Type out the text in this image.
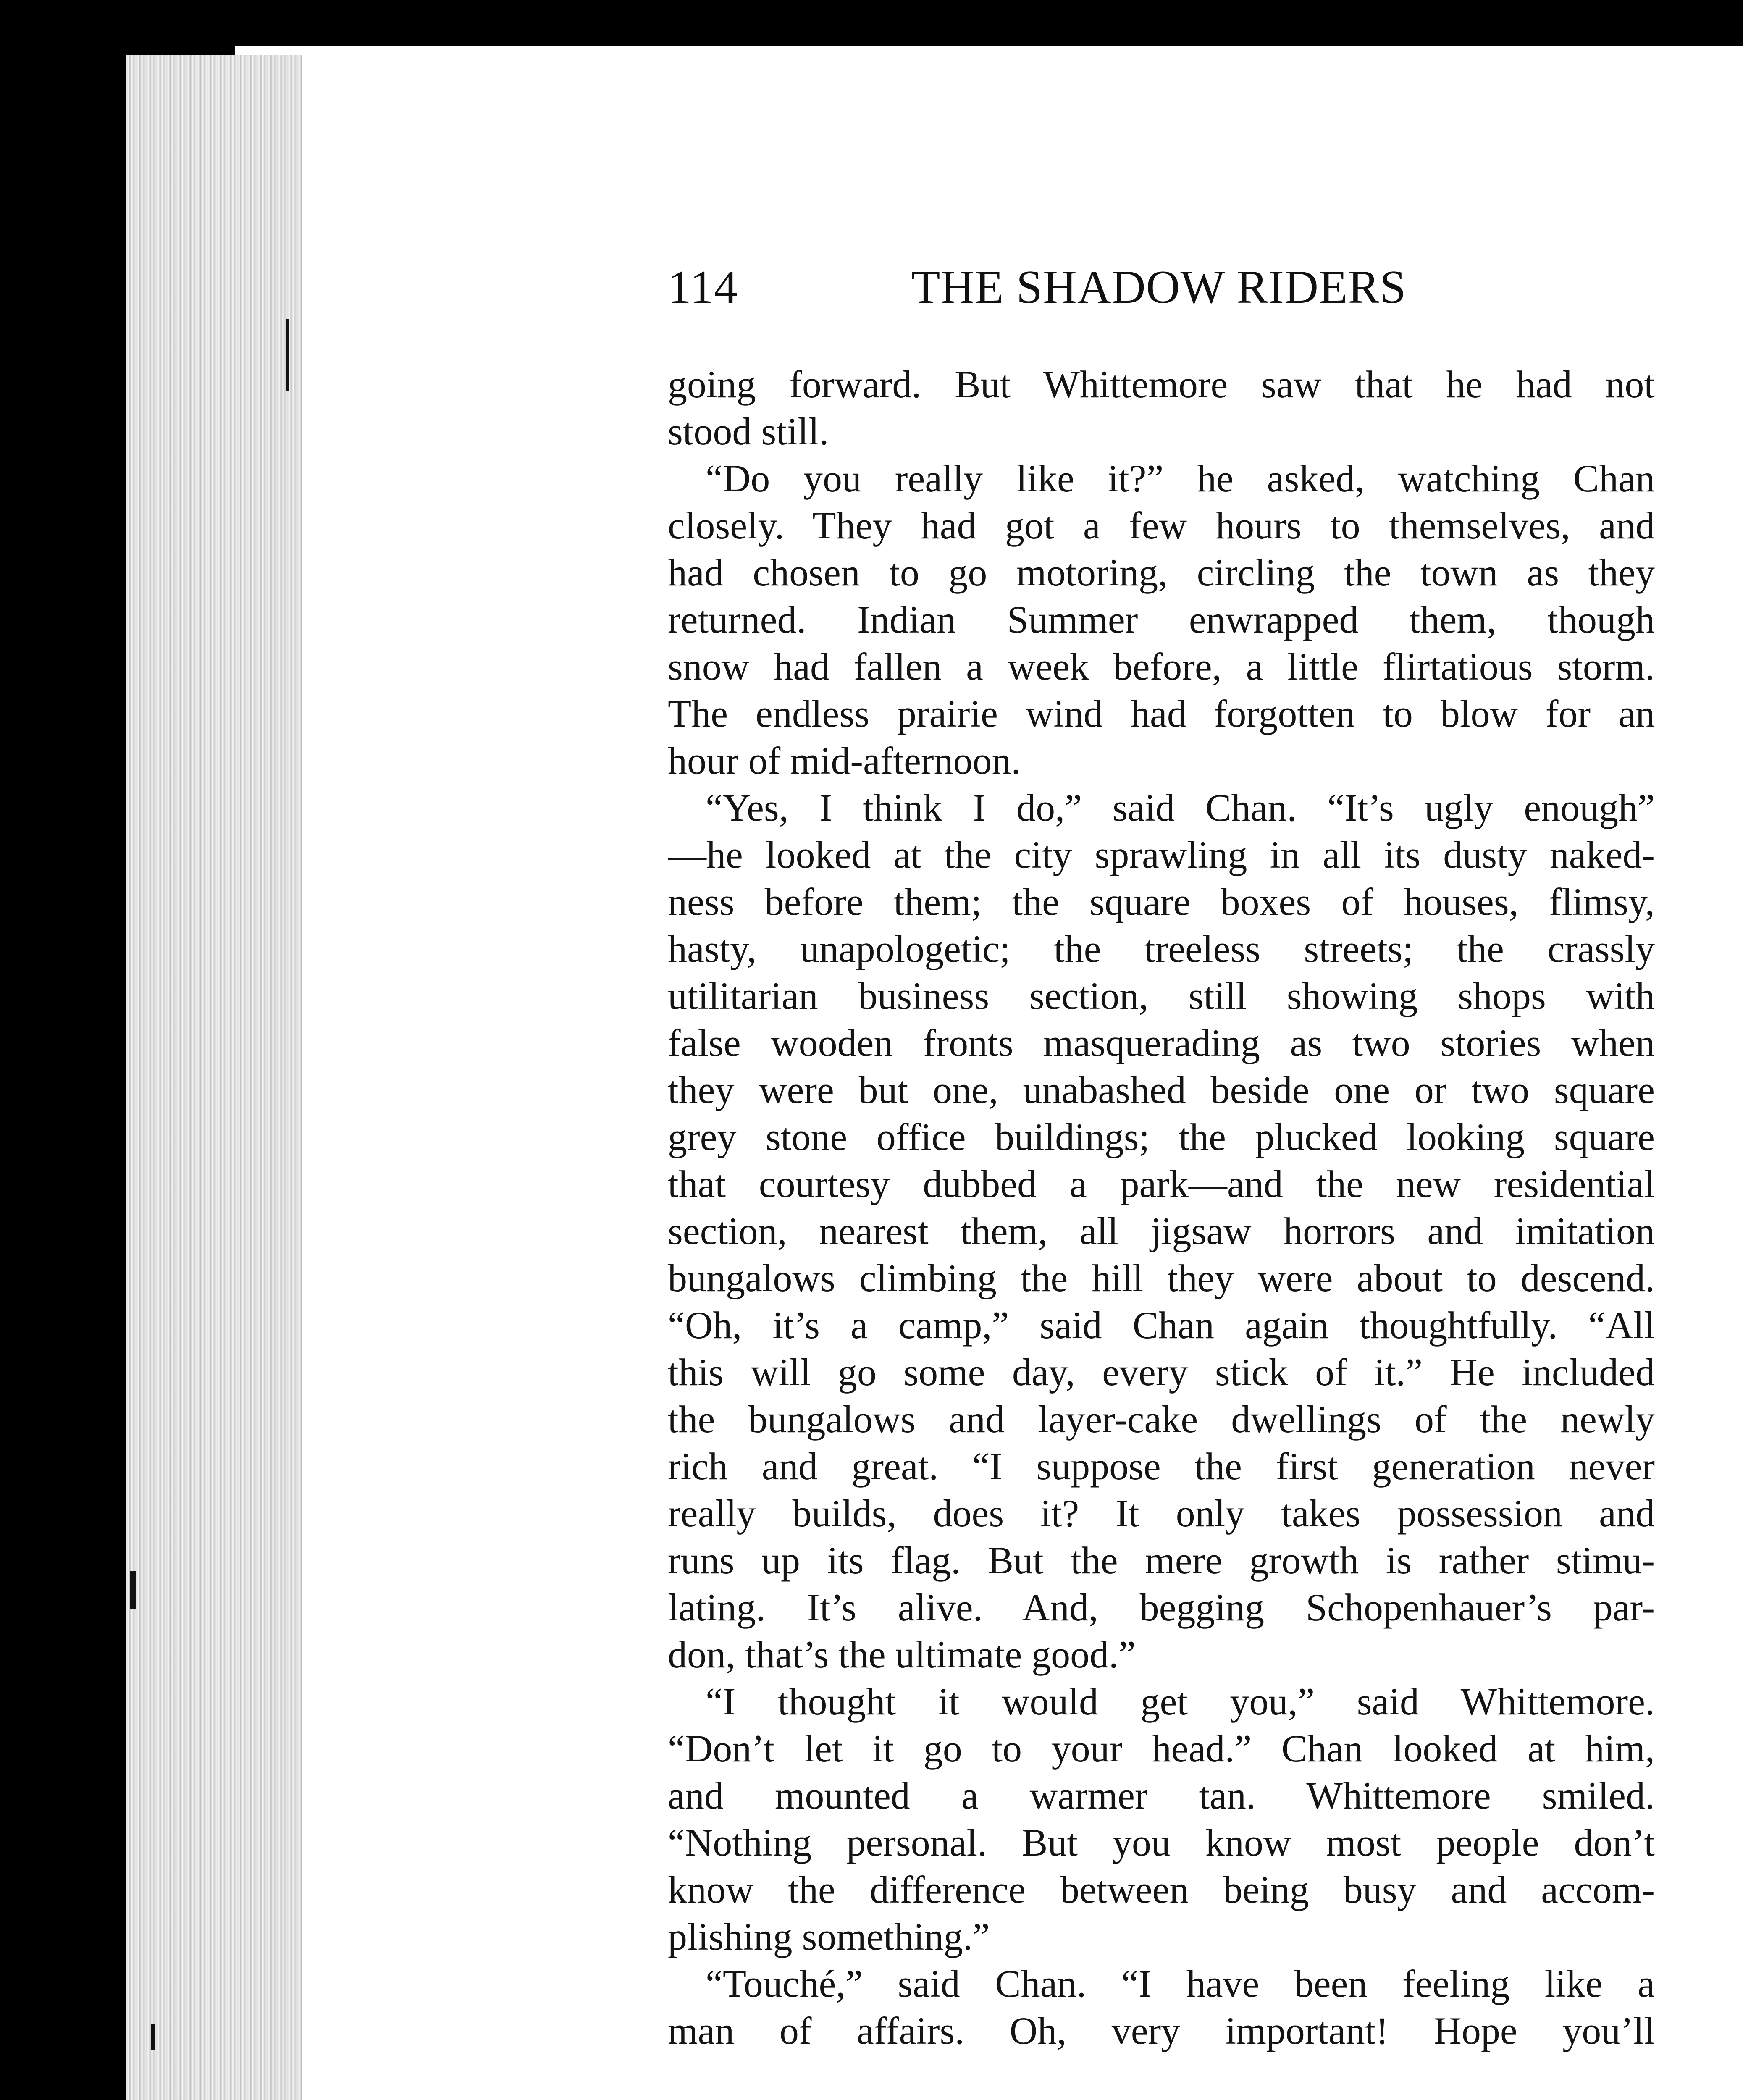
114	THE SHADOW RIDERS
going forward. But Whittemore saw that he had not
stood still.
“Do you really like it?” he asked, watching Chan
closely. They had got a few hours to themselves, and
had chosen to go motoring, circling the town as they
returned. Indian Summer enwrapped them, though
snow had fallen a week before, a little flirtatious storm.
The endless prairie wind had forgotten to blow for an
hour of mid-afternoon.
“Yes, I think I do,” said Chan. “It’s ugly enough”
—he looked at the city sprawling in all its dusty naked-
ness before them; the square boxes of houses, flimsy,
hasty, unapologetic; the treeless streets; the crassly
utilitarian business section, still showing shops with
false wooden fronts masquerading as two stories when
they were but one, unabashed beside one or two square
grey stone office buildings; the plucked looking square
that courtesy dubbed a park—and the new residential
section, nearest them, all jigsaw horrors and imitation
bungalows climbing the hill they were about to descend.
“Oh, it’s a camp,” said Chan again thoughtfully. “All
this will go some day, every stick of it.” He included
the bungalows and layer-cake dwellings of the newly
rich and great. “I suppose the first generation never
really builds, does it? It only takes possession and
runs up its flag. But the mere growth is rather stimu-
lating. It’s alive. And, begging Schopenhauer’s par-
don, that’s the ultimate good.”
“I thought it would get you,” said Whittemore.
“Don’t let it go to your head.” Chan looked at him,
and mounted a warmer tan. Whittemore smiled.
“Nothing personal. But you know most people don’t
know the difference between being busy and accom-
plishing something.”
“Touché,” said Chan. “I have been feeling like a
man of affairs. Oh, very important! Hope you’ll
